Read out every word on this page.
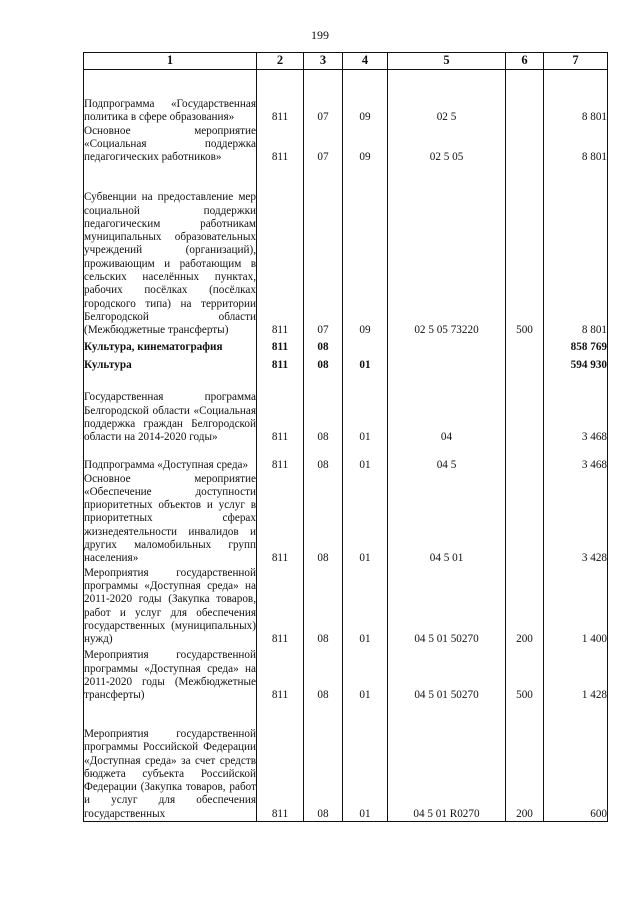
199
1	2	3	4	5	6	7
Подпрограмма «Государственная политика в сфере образования»	811	07	09	02 5		8 801
Основное мероприятие «Социальная поддержка педагогических работников»	811	07	09	02 5 05		8 801
Субвенции на предоставление мер социальной поддержки педагогическим работникам муниципальных образовательных учреждений (организаций), проживающим и работающим в сельских населённых пунктах, рабочих посёлках (посёлках городского типа) на территории Белгородской области (Межбюджетные трансферты)	811	07	09	02 5 05 73220	500	8 801
Культура, кинематография	811	08				858 769
Культура	811	08	01			594 930
Государственная программа Белгородской области «Социальная поддержка граждан Белгородской области на 2014-2020 годы»	811	08	01	04		3 468
Подпрограмма «Доступная среда»	811	08	01	04 5		3 468
Основное мероприятие «Обеспечение доступности приоритетных объектов и услуг в приоритетных сферах жизнедеятельности инвалидов и других маломобильных групп населения»	811	08	01	04 5 01		3 428
Мероприятия государственной программы «Доступная среда» на 2011-2020 годы (Закупка товаров, работ и услуг для обеспечения государственных (муниципальных) нужд)	811	08	01	04 5 01 50270	200	1 400
Мероприятия государственной программы «Доступная среда» на 2011-2020 годы (Межбюджетные трансферты)	811	08	01	04 5 01 50270	500	1 428
Мероприятия государственной программы Российской Федерации «Доступная среда» за счет средств бюджета субъекта Российской Федерации (Закупка товаров, работ и услуг для обеспечения государственных	811	08	01	04 5 01 R0270	200	600
